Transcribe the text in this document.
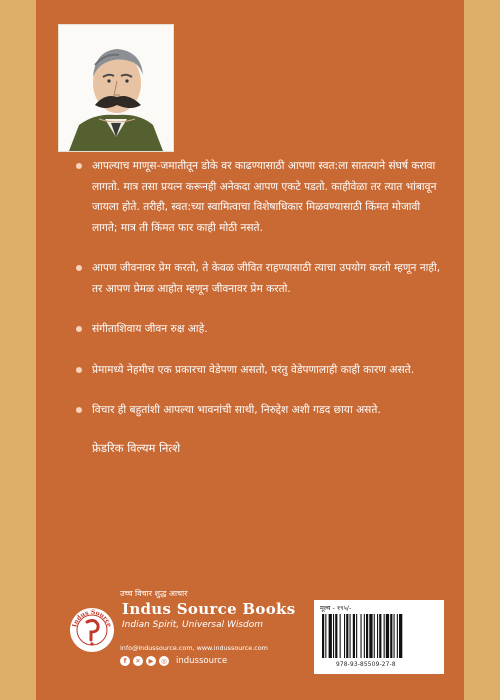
आपल्याच माणूस-जमातीतून डोके वर काढण्यासाठी आपणा स्वत:ला सातत्याने संघर्ष करावा लागतो. मात्र तसा प्रयत्न करूनही अनेकदा आपण एकटे पडतो. काहीवेळा तर त्यात भांबावून जायला होते. तरीही, स्वत:च्या स्वामित्वाचा विशेषाधिकार मिळवण्यासाठी किंमत मोजावी लागते; मात्र ती किंमत फार काही मोठी नसते.
आपण जीवनावर प्रेम करतो, ते केवळ जीवित राहण्यासाठी त्याचा उपयोग करतो म्हणून नाही, तर आपण प्रेमळ आहोत म्हणून जीवनावर प्रेम करतो.
संगीताशिवाय जीवन रुक्ष आहे.
प्रेमामध्ये नेहमीच एक प्रकारचा वेडेपणा असतो, परंतु वेडेपणालाही काही कारण असते.
विचार ही बहुतांशी आपल्या भावनांची साथी, निरुद्देश अशी गडद छाया असते.
फ्रेडरिक विल्यम नित्शे
उच्च विचार शुद्ध आचार
Indus Source
Indus Source Books
Indian Spirit, Universal Wisdom
info@indussource.com, www.indussource.com
f	✕	▶	◎ indussource
मूल्य - १९५/-
978-93-85509-27-8
